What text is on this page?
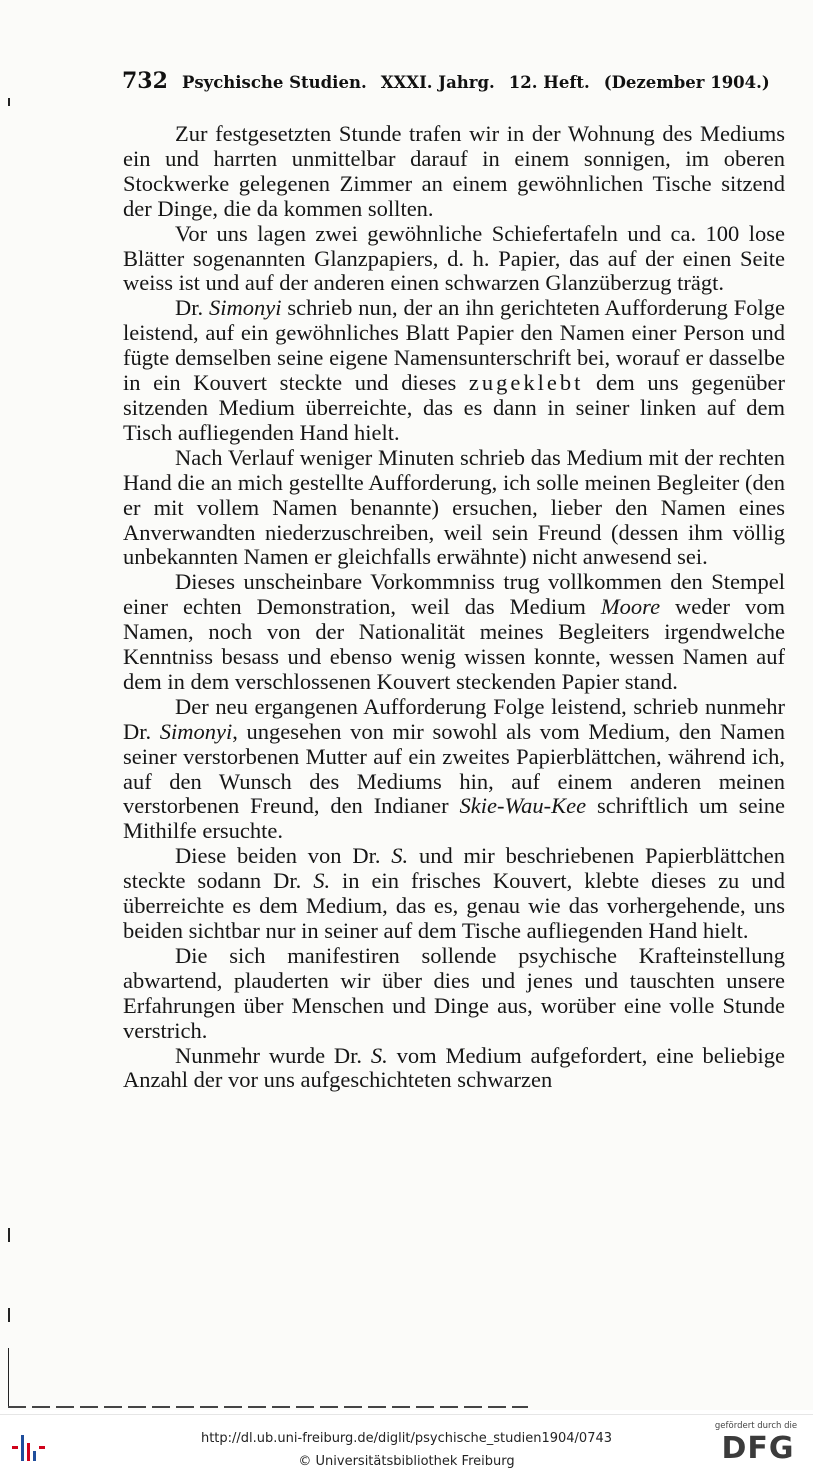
732 Psychische Studien. XXXI. Jahrg. 12. Heft. (Dezember 1904.)

Zur festgesetzten Stunde trafen wir in der Wohnung des Mediums ein und harrten unmittelbar darauf in einem sonnigen, im oberen Stockwerke gelegenen Zimmer an einem gewöhnlichen Tische sitzend der Dinge, die da kommen sollten.

Vor uns lagen zwei gewöhnliche Schiefertafeln und ca. 100 lose Blätter sogenannten Glanzpapiers, d. h. Papier, das auf der einen Seite weiss ist und auf der anderen einen schwarzen Glanzüberzug trägt.

Dr. Simonyi schrieb nun, der an ihn gerichteten Aufforderung Folge leistend, auf ein gewöhnliches Blatt Papier den Namen einer Person und fügte demselben seine eigene Namensunterschrift bei, worauf er dasselbe in ein Kouvert steckte und dieses zugeklebt dem uns gegenüber sitzenden Medium überreichte, das es dann in seiner linken auf dem Tisch aufliegenden Hand hielt.

Nach Verlauf weniger Minuten schrieb das Medium mit der rechten Hand die an mich gestellte Aufforderung, ich solle meinen Begleiter (den er mit vollem Namen benannte) ersuchen, lieber den Namen eines Anverwandten niederzuschreiben, weil sein Freund (dessen ihm völlig unbekannten Namen er gleichfalls erwähnte) nicht anwesend sei.

Dieses unscheinbare Vorkommniss trug vollkommen den Stempel einer echten Demonstration, weil das Medium Moore weder vom Namen, noch von der Nationalität meines Begleiters irgendwelche Kenntniss besass und ebenso wenig wissen konnte, wessen Namen auf dem in dem verschlossenen Kouvert steckenden Papier stand.

Der neu ergangenen Aufforderung Folge leistend, schrieb nunmehr Dr. Simonyi, ungesehen von mir sowohl als vom Medium, den Namen seiner verstorbenen Mutter auf ein zweites Papierblättchen, während ich, auf den Wunsch des Mediums hin, auf einem anderen meinen verstorbenen Freund, den Indianer Skie-Wau-Kee schriftlich um seine Mithilfe ersuchte.

Diese beiden von Dr. S. und mir beschriebenen Papierblättchen steckte sodann Dr. S. in ein frisches Kouvert, klebte dieses zu und überreichte es dem Medium, das es, genau wie das vorhergehende, uns beiden sichtbar nur in seiner auf dem Tische aufliegenden Hand hielt.

Die sich manifestiren sollende psychische Krafteinstellung abwartend, plauderten wir über dies und jenes und tauschten unsere Erfahrungen über Menschen und Dinge aus, worüber eine volle Stunde verstrich.

Nunmehr wurde Dr. S. vom Medium aufgefordert, eine beliebige Anzahl der vor uns aufgeschichteten schwarzen

http://dl.ub.uni-freiburg.de/diglit/psychische_studien1904/0743
© Universitätsbibliothek Freiburg
gefördert durch die
DFG
